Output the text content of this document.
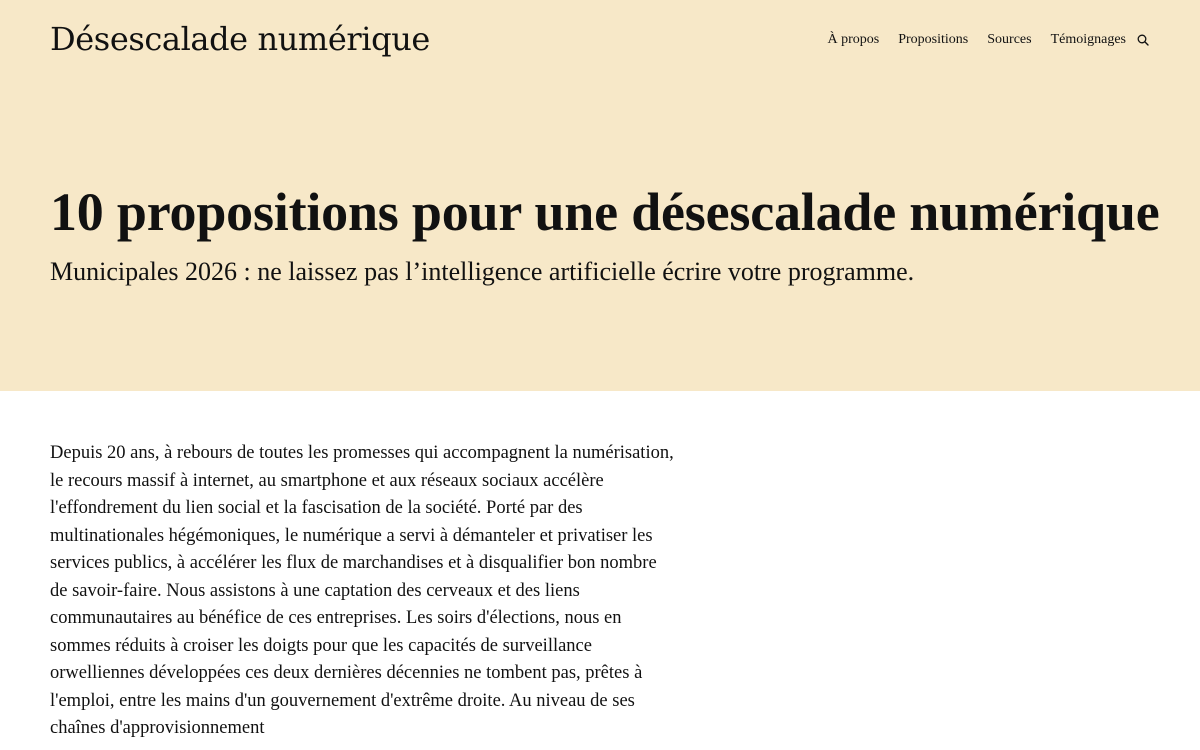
Désescalade numérique	À propos Propositions Sources Témoignages
10 propositions pour une désescalade numérique

Municipales 2026 : ne laissez pas l’intelligence artificielle écrire votre programme.

Depuis 20 ans, à rebours de toutes les promesses qui accompagnent la numérisation, le recours massif à internet, au smartphone et aux réseaux sociaux accélère l'effondrement du lien social et la fascisation de la société. Porté par des multinationales hégémoniques, le numérique a servi à démanteler et privatiser les services publics, à accélérer les flux de marchandises et à disqualifier bon nombre de savoir-faire. Nous assistons à une captation des cerveaux et des liens communautaires au bénéfice de ces entreprises. Les soirs d'élections, nous en sommes réduits à croiser les doigts pour que les capacités de surveillance orwelliennes développées ces deux dernières décennies ne tombent pas, prêtes à l'emploi, entre les mains d'un gouvernement d'extrême droite. Au niveau de ses chaînes d'approvisionnement
